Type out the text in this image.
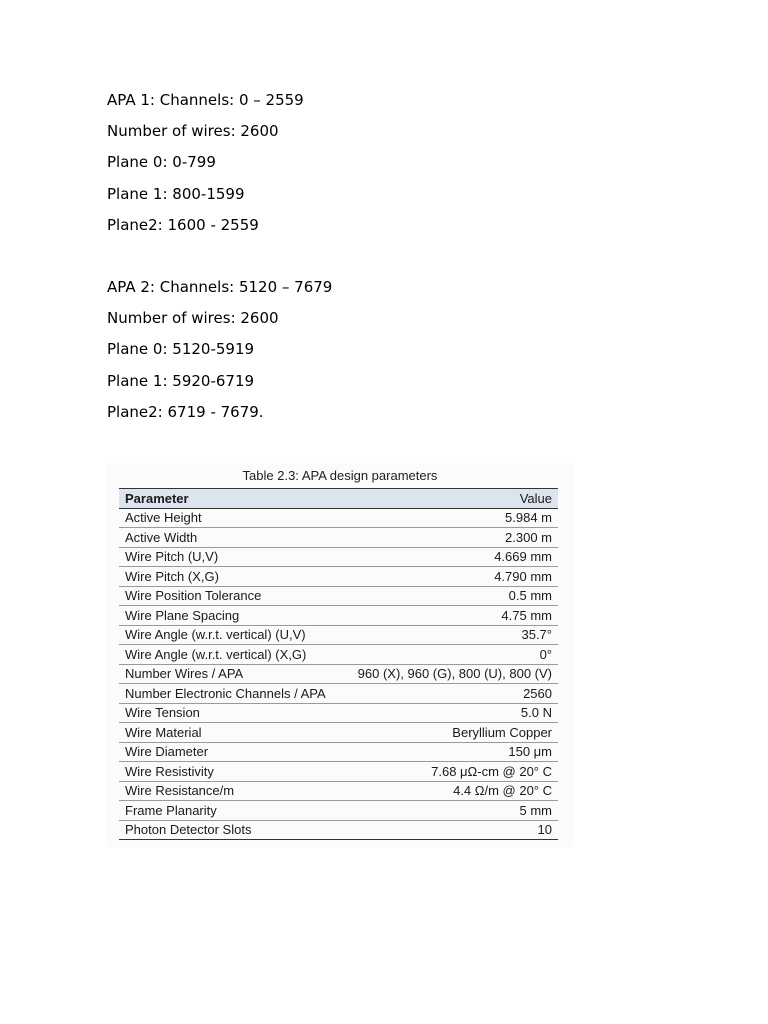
APA 1: Channels: 0 – 2559
Number of wires: 2600
Plane 0: 0-799
Plane 1: 800-1599
Plane2: 1600 - 2559
APA 2: Channels: 5120 – 7679
Number of wires: 2600
Plane 0: 5120-5919
Plane 1: 5920-6719
Plane2: 6719 - 7679.
Table 2.3: APA design parameters
Parameter	Value
Active Height	5.984 m
Active Width	2.300 m
Wire Pitch (U,V)	4.669 mm
Wire Pitch (X,G)	4.790 mm
Wire Position Tolerance	0.5 mm
Wire Plane Spacing	4.75 mm
Wire Angle (w.r.t. vertical) (U,V)	35.7°
Wire Angle (w.r.t. vertical) (X,G)	0°
Number Wires / APA	960 (X), 960 (G), 800 (U), 800 (V)
Number Electronic Channels / APA	2560
Wire Tension	5.0 N
Wire Material	Beryllium Copper
Wire Diameter	150 μm
Wire Resistivity	7.68 μΩ-cm @ 20° C
Wire Resistance/m	4.4 Ω/m @ 20° C
Frame Planarity	5 mm
Photon Detector Slots	10
